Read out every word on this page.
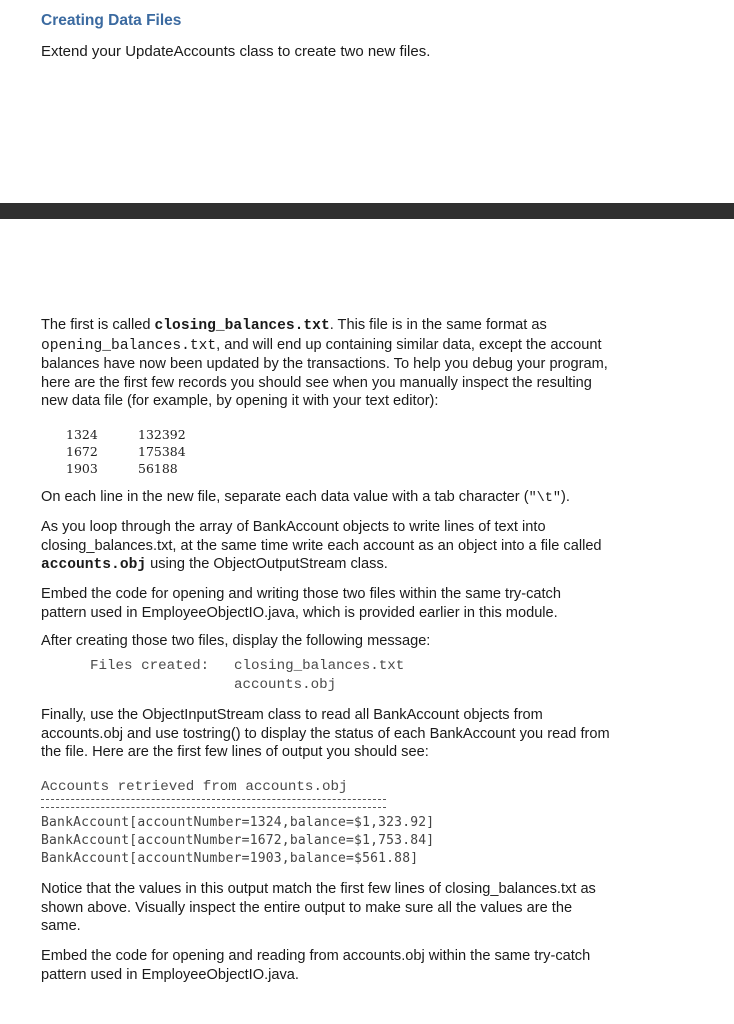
Creating Data Files
Extend your UpdateAccounts class to create two new files.
The first is called closing_balances.txt. This file is in the same format as
opening_balances.txt, and will end up containing similar data, except the account
balances have now been updated by the transactions. To help you debug your program,
here are the first few records you should see when you manually inspect the resulting
new data file (for example, by opening it with your text editor):
1324	132392
1672	175384
1903	56188
On each line in the new file, separate each data value with a tab character ("\t").
As you loop through the array of BankAccount objects to write lines of text into
closing_balances.txt, at the same time write each account as an object into a file called
accounts.obj using the ObjectOutputStream class.
Embed the code for opening and writing those two files within the same try-catch
pattern used in EmployeeObjectIO.java, which is provided earlier in this module.
After creating those two files, display the following message:
Files created: closing_balances.txt
accounts.obj
Finally, use the ObjectInputStream class to read all BankAccount objects from
accounts.obj and use tostring() to display the status of each BankAccount you read from
the file. Here are the first few lines of output you should see:
Accounts retrieved from accounts.obj
BankAccount[accountNumber=1324,balance=$1,323.92]
BankAccount[accountNumber=1672,balance=$1,753.84]
BankAccount[accountNumber=1903,balance=$561.88]
Notice that the values in this output match the first few lines of closing_balances.txt as
shown above. Visually inspect the entire output to make sure all the values are the
same.
Embed the code for opening and reading from accounts.obj within the same try-catch
pattern used in EmployeeObjectIO.java.
